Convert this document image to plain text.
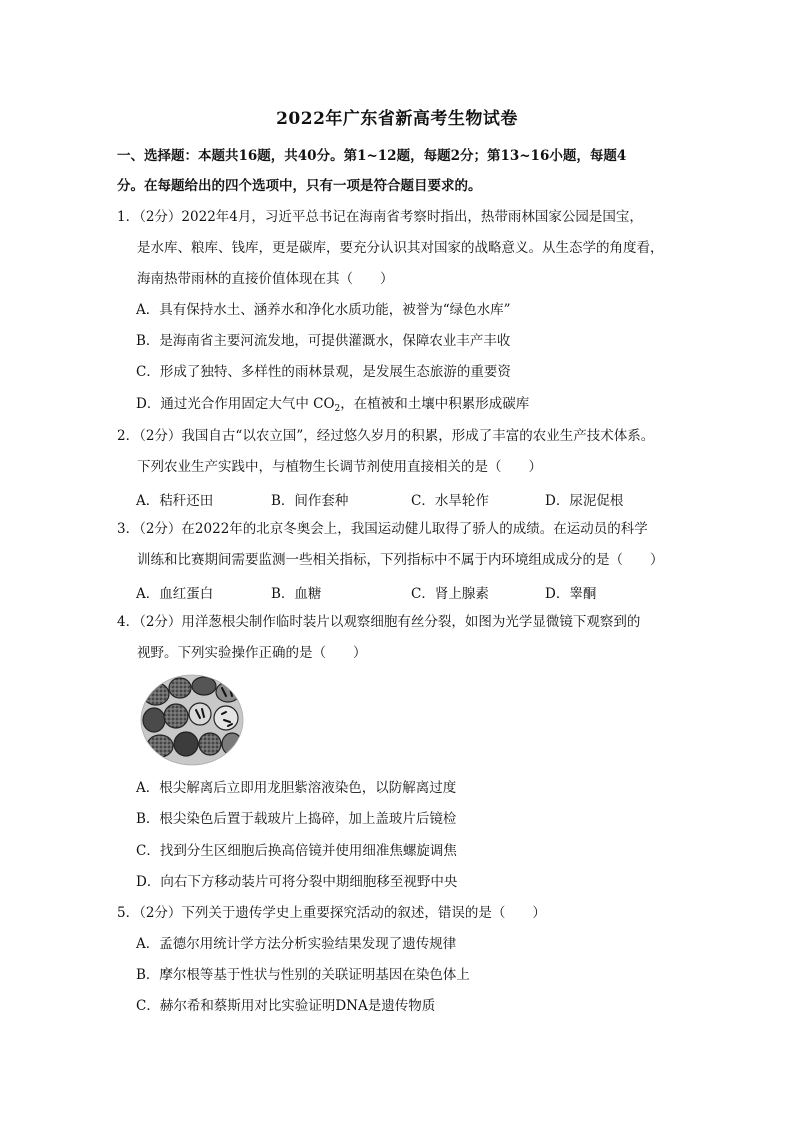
2022年广东省新高考生物试卷
一、选择题：本题共16题，共40分。第1~12题，每题2分；第13~16小题，每题4
分。在每题给出的四个选项中，只有一项是符合题目要求的。
1．（2分）2022年4月，习近平总书记在海南省考察时指出，热带雨林国家公园是国宝，
是水库、粮库、钱库，更是碳库，要充分认识其对国家的战略意义。从生态学的角度看，
海南热带雨林的直接价值体现在其（　　）
A．具有保持水土、涵养水和净化水质功能，被誉为“绿色水库”
B．是海南省主要河流发地，可提供灌溉水，保障农业丰产丰收
C．形成了独特、多样性的雨林景观，是发展生态旅游的重要资
D．通过光合作用固定大气中 $CO_2$，在植被和土壤中积累形成碳库
2．（2分）我国自古“以农立国”，经过悠久岁月的积累，形成了丰富的农业生产技术体系。
下列农业生产实践中，与植物生长调节剂使用直接相关的是（　　）
A．秸秆还田	B．间作套种	C．水旱轮作	D．尿泥促根
3．（2分）在2022年的北京冬奥会上，我国运动健儿取得了骄人的成绩。在运动员的科学
训练和比赛期间需要监测一些相关指标，下列指标中不属于内环境组成成分的是（　　）
A．血红蛋白	B．血糖	C．肾上腺素	D．睾酮
4．（2分）用洋葱根尖制作临时装片以观察细胞有丝分裂，如图为光学显微镜下观察到的
视野。下列实验操作正确的是（　　）
A．根尖解离后立即用龙胆紫溶液染色，以防解离过度
B．根尖染色后置于载玻片上捣碎，加上盖玻片后镜检
C．找到分生区细胞后换高倍镜并使用细准焦螺旋调焦
D．向右下方移动装片可将分裂中期细胞移至视野中央
5．（2分）下列关于遗传学史上重要探究活动的叙述，错误的是（　　）
A．孟德尔用统计学方法分析实验结果发现了遗传规律
B．摩尔根等基于性状与性别的关联证明基因在染色体上
C．赫尔希和蔡斯用对比实验证明DNA是遗传物质
